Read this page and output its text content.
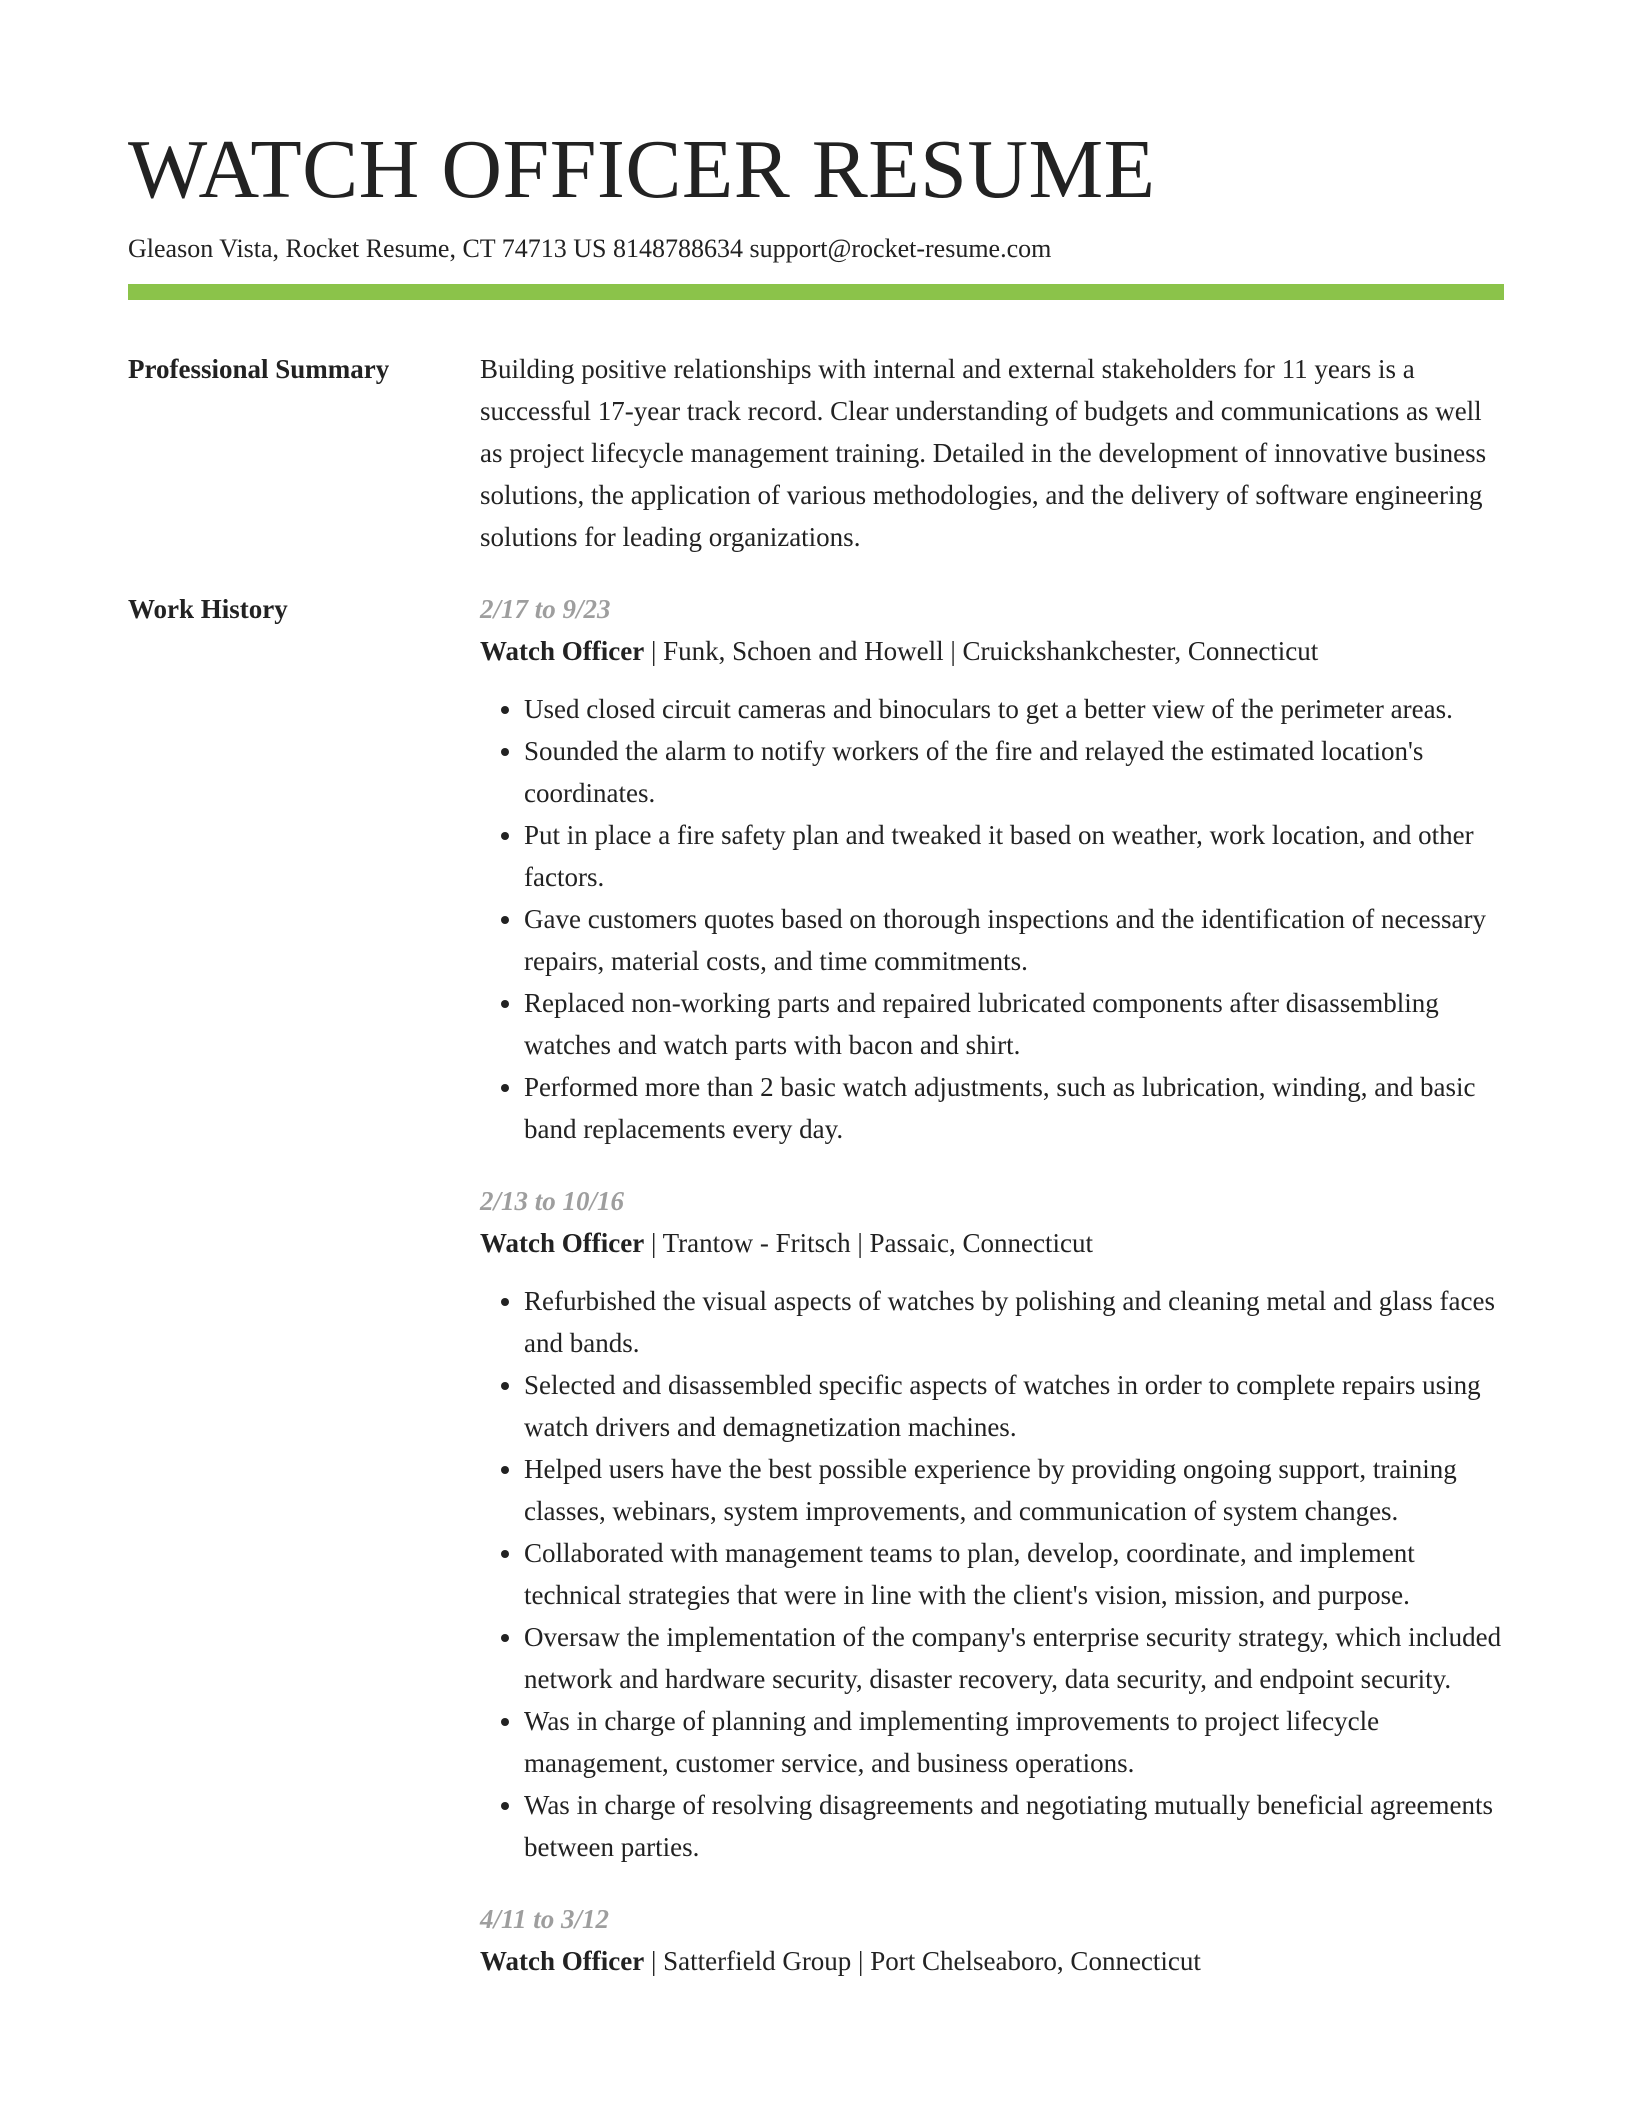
WATCH OFFICER RESUME
Gleason Vista, Rocket Resume, CT 74713 US 8148788634 support@rocket-resume.com
Professional Summary	Building positive relationships with internal and external stakeholders for 11 years is a successful 17-year track record. Clear understanding of budgets and communications as well as project lifecycle management training. Detailed in the development of innovative business solutions, the application of various methodologies, and the delivery of software engineering solutions for leading organizations.

Work History	2/17 to 9/23
Watch Officer | Funk, Schoen and Howell | Cruickshankchester, Connecticut
• Used closed circuit cameras and binoculars to get a better view of the perimeter areas.
• Sounded the alarm to notify workers of the fire and relayed the estimated location's coordinates.
• Put in place a fire safety plan and tweaked it based on weather, work location, and other factors.
• Gave customers quotes based on thorough inspections and the identification of necessary repairs, material costs, and time commitments.
• Replaced non-working parts and repaired lubricated components after disassembling watches and watch parts with bacon and shirt.
• Performed more than 2 basic watch adjustments, such as lubrication, winding, and basic band replacements every day.
2/13 to 10/16
Watch Officer | Trantow - Fritsch | Passaic, Connecticut
• Refurbished the visual aspects of watches by polishing and cleaning metal and glass faces and bands.
• Selected and disassembled specific aspects of watches in order to complete repairs using watch drivers and demagnetization machines.
• Helped users have the best possible experience by providing ongoing support, training classes, webinars, system improvements, and communication of system changes.
• Collaborated with management teams to plan, develop, coordinate, and implement technical strategies that were in line with the client's vision, mission, and purpose.
• Oversaw the implementation of the company's enterprise security strategy, which included network and hardware security, disaster recovery, data security, and endpoint security.
• Was in charge of planning and implementing improvements to project lifecycle management, customer service, and business operations.
• Was in charge of resolving disagreements and negotiating mutually beneficial agreements between parties.
4/11 to 3/12
Watch Officer | Satterfield Group | Port Chelseaboro, Connecticut
